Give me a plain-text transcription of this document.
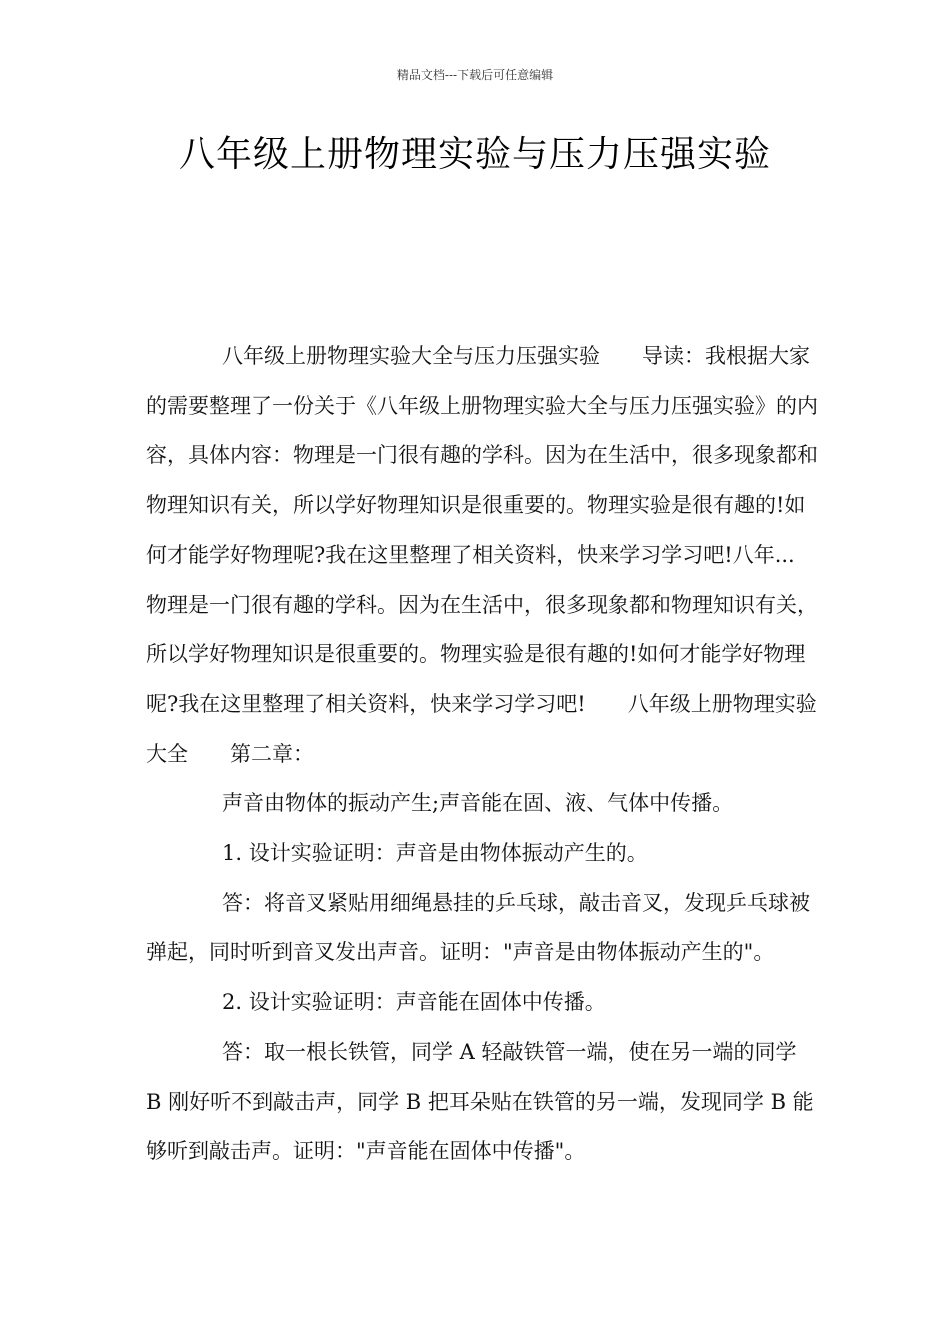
精品文档---下载后可任意编辑
八年级上册物理实验与压力压强实验

八年级上册物理实验大全与压力压强实验　　导读：我根据大家的需要整理了一份关于《八年级上册物理实验大全与压力压强实验》的内容，具体内容：物理是一门很有趣的学科。因为在生活中，很多现象都和物理知识有关，所以学好物理知识是很重要的。物理实验是很有趣的!如何才能学好物理呢?我在这里整理了相关资料，快来学习学习吧!八年...　　物理是一门很有趣的学科。因为在生活中，很多现象都和物理知识有关，所以学好物理知识是很重要的。物理实验是很有趣的!如何才能学好物理呢?我在这里整理了相关资料，快来学习学习吧!　　八年级上册物理实验大全　　第二章：

声音由物体的振动产生;声音能在固、液、气体中传播。

1. 设计实验证明：声音是由物体振动产生的。

答：将音叉紧贴用细绳悬挂的乒乓球，敲击音叉，发现乒乓球被弹起，同时听到音叉发出声音。证明："声音是由物体振动产生的"。

2. 设计实验证明：声音能在固体中传播。

答：取一根长铁管，同学 A 轻敲铁管一端，使在另一端的同学 B 刚好听不到敲击声，同学 B 把耳朵贴在铁管的另一端，发现同学 B 能够听到敲击声。证明："声音能在固体中传播"。
